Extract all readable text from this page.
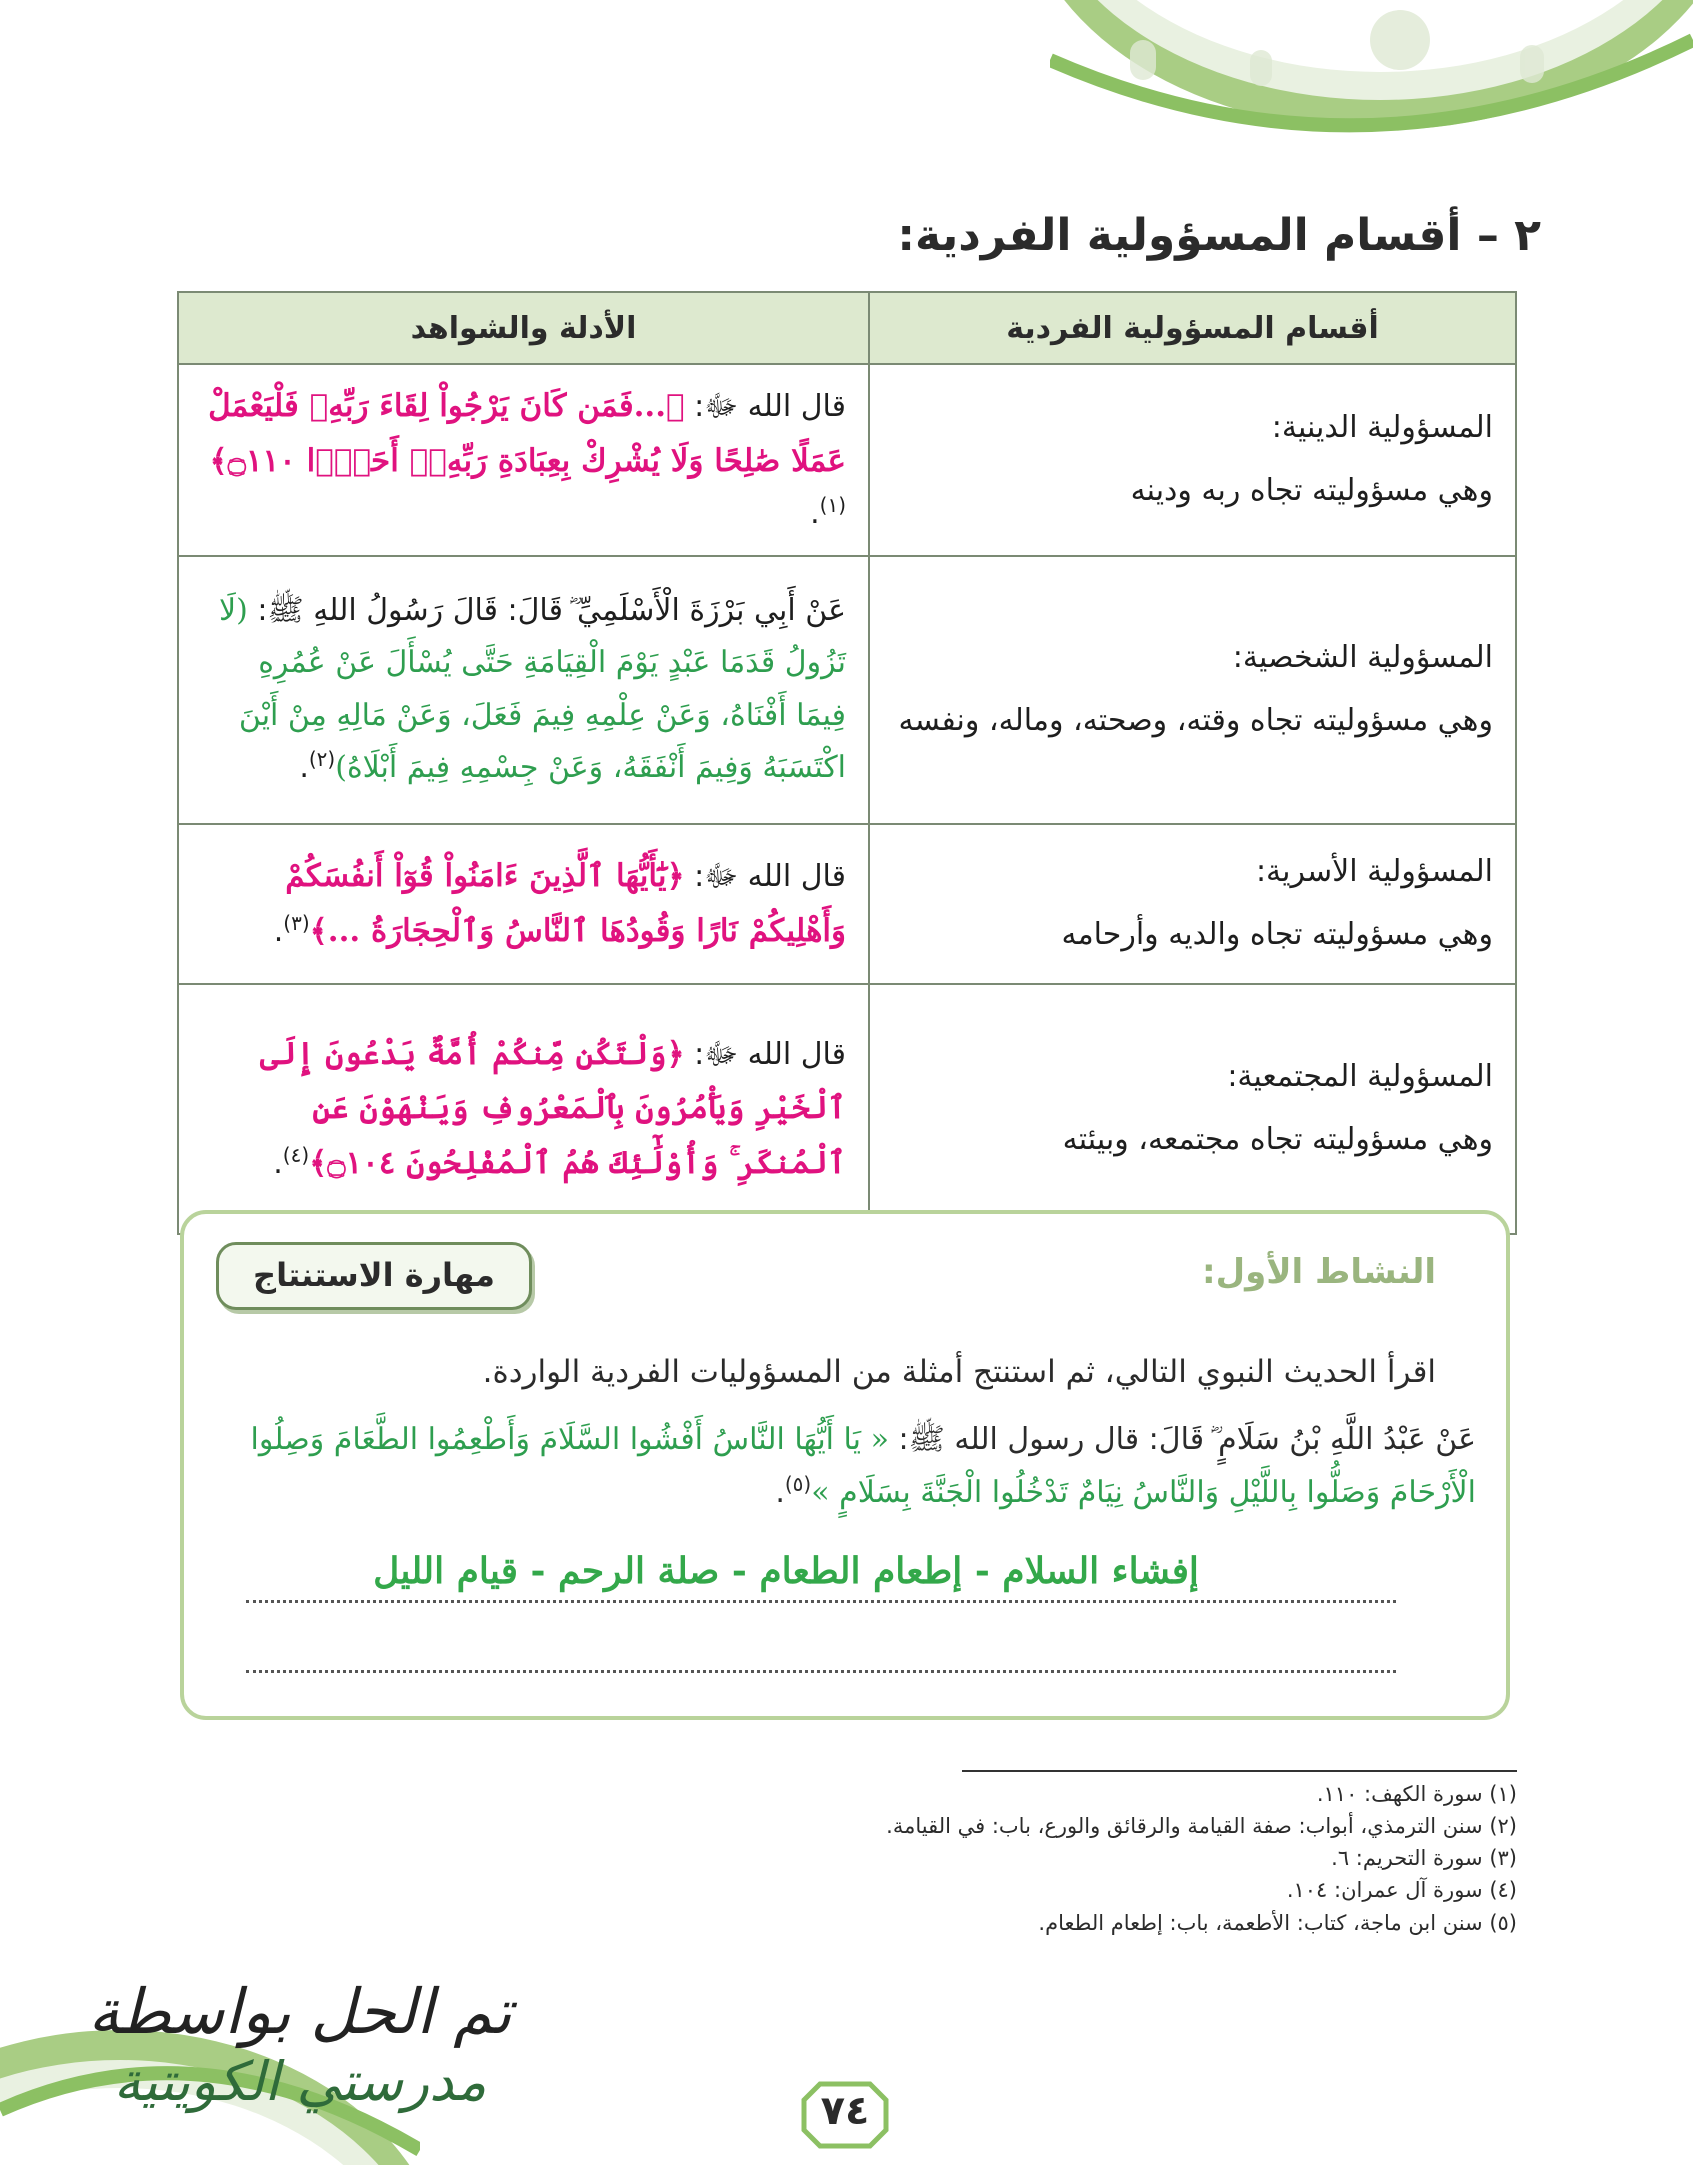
٢ – أقسام المسؤولية الفردية:
أقسام المسؤولية الفردية	الأدلة والشواهد

المسؤولية الدينية:
وهي مسؤوليته تجاه ربه ودينه	قال الله ﷻ: ﴿...فَمَن كَانَ يَرْجُواْ لِقَاءَ رَبِّهِۦ فَلْيَعْمَلْ عَمَلًا صَٰلِحًا وَلَا يُشْرِكْ بِعِبَادَةِ رَبِّهِۦٓ أَحَدًۢا ۝١١٠﴾$^{(١)}$.

المسؤولية الشخصية:
وهي مسؤوليته تجاه وقته، وصحته، وماله، ونفسه	عَنْ أَبِي بَرْزَةَ الْأَسْلَمِيِّ ؓ قَالَ: قَالَ رَسُولُ اللهِ ﷺ: (لَا تَزُولُ قَدَمَا عَبْدٍ يَوْمَ الْقِيَامَةِ حَتَّى يُسْأَلَ عَنْ عُمُرِهِ فِيمَا أَفْنَاهُ، وَعَنْ عِلْمِهِ فِيمَ فَعَلَ، وَعَنْ مَالِهِ مِنْ أَيْنَ اكْتَسَبَهُ وَفِيمَ أَنْفَقَهُ، وَعَنْ جِسْمِهِ فِيمَ أَبْلَاهُ)$^{(٢)}$.

المسؤولية الأسرية:
وهي مسؤوليته تجاه والديه وأرحامه	قال الله ﷻ: ﴿يَٰٓأَيُّهَا ٱلَّذِينَ ءَامَنُواْ قُوٓاْ أَنفُسَكُمْ وَأَهْلِيكُمْ نَارًا وَقُودُهَا ٱلنَّاسُ وَٱلْحِجَارَةُ ...﴾$^{(٣)}$.

المسؤولية المجتمعية:
وهي مسؤوليته تجاه مجتمعه، وبيئته	قال الله ﷻ: ﴿وَلْتَكُن مِّنكُمْ أُمَّةٌ يَدْعُونَ إِلَى ٱلْخَيْرِ وَيَأْمُرُونَ بِٱلْمَعْرُوفِ وَيَنْهَوْنَ عَنِ ٱلْمُنكَرِ ۚ وَأُوْلَٰٓئِكَ هُمُ ٱلْمُفْلِحُونَ ۝١٠٤﴾$^{(٤)}$.
النشاط الأول:
مهارة الاستنتاج
اقرأ الحديث النبوي التالي، ثم استنتج أمثلة من المسؤوليات الفردية الواردة.
عَنْ عَبْدُ اللَّهِ بْنُ سَلَامٍ ؓ قَالَ: قال رسول الله ﷺ: « يَا أَيُّهَا النَّاسُ أَفْشُوا السَّلَامَ وَأَطْعِمُوا الطَّعَامَ وَصِلُوا الْأَرْحَامَ وَصَلُّوا بِاللَّيْلِ وَالنَّاسُ نِيَامٌ تَدْخُلُوا الْجَنَّةَ بِسَلَامٍ »$^{(٥)}$.
إفشاء السلام - إطعام الطعام - صلة الرحم - قيام الليل
(١) سورة الكهف: ١١٠.
(٢) سنن الترمذي، أبواب: صفة القيامة والرقائق والورع، باب: في القيامة.
(٣) سورة التحريم: ٦.
(٤) سورة آل عمران: ١٠٤.
(٥) سنن ابن ماجة، كتاب: الأطعمة، باب: إطعام الطعام.
٧٤
تم الحل بواسطة
مدرستي الكويتية
